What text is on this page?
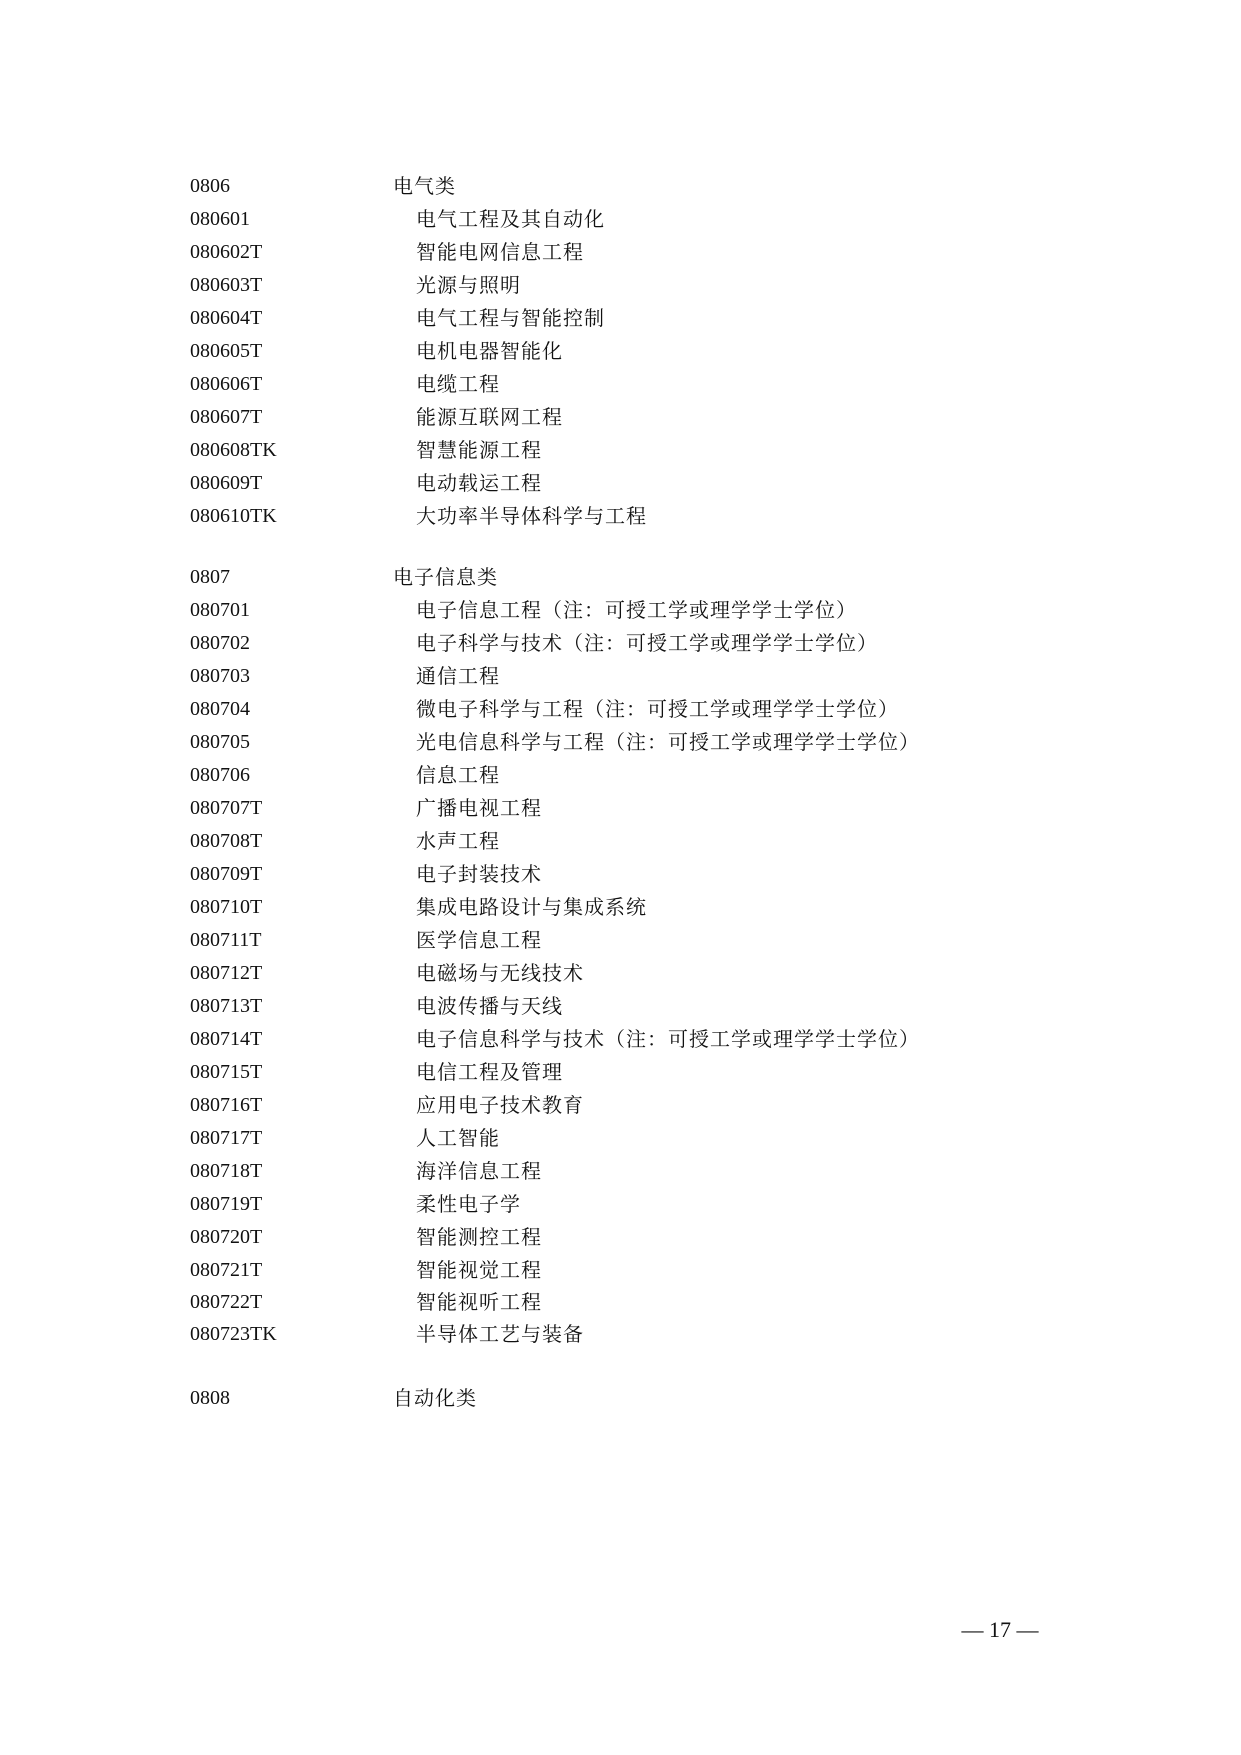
0806	电气类
080601	电气工程及其自动化
080602T	智能电网信息工程
080603T	光源与照明
080604T	电气工程与智能控制
080605T	电机电器智能化
080606T	电缆工程
080607T	能源互联网工程
080608TK	智慧能源工程
080609T	电动载运工程
080610TK	大功率半导体科学与工程
0807	电子信息类
080701	电子信息工程（注：可授工学或理学学士学位）
080702	电子科学与技术（注：可授工学或理学学士学位）
080703	通信工程
080704	微电子科学与工程（注：可授工学或理学学士学位）
080705	光电信息科学与工程（注：可授工学或理学学士学位）
080706	信息工程
080707T	广播电视工程
080708T	水声工程
080709T	电子封装技术
080710T	集成电路设计与集成系统
080711T	医学信息工程
080712T	电磁场与无线技术
080713T	电波传播与天线
080714T	电子信息科学与技术（注：可授工学或理学学士学位）
080715T	电信工程及管理
080716T	应用电子技术教育
080717T	人工智能
080718T	海洋信息工程
080719T	柔性电子学
080720T	智能测控工程
080721T	智能视觉工程
080722T	智能视听工程
080723TK	半导体工艺与装备
0808	自动化类
— 17 —
